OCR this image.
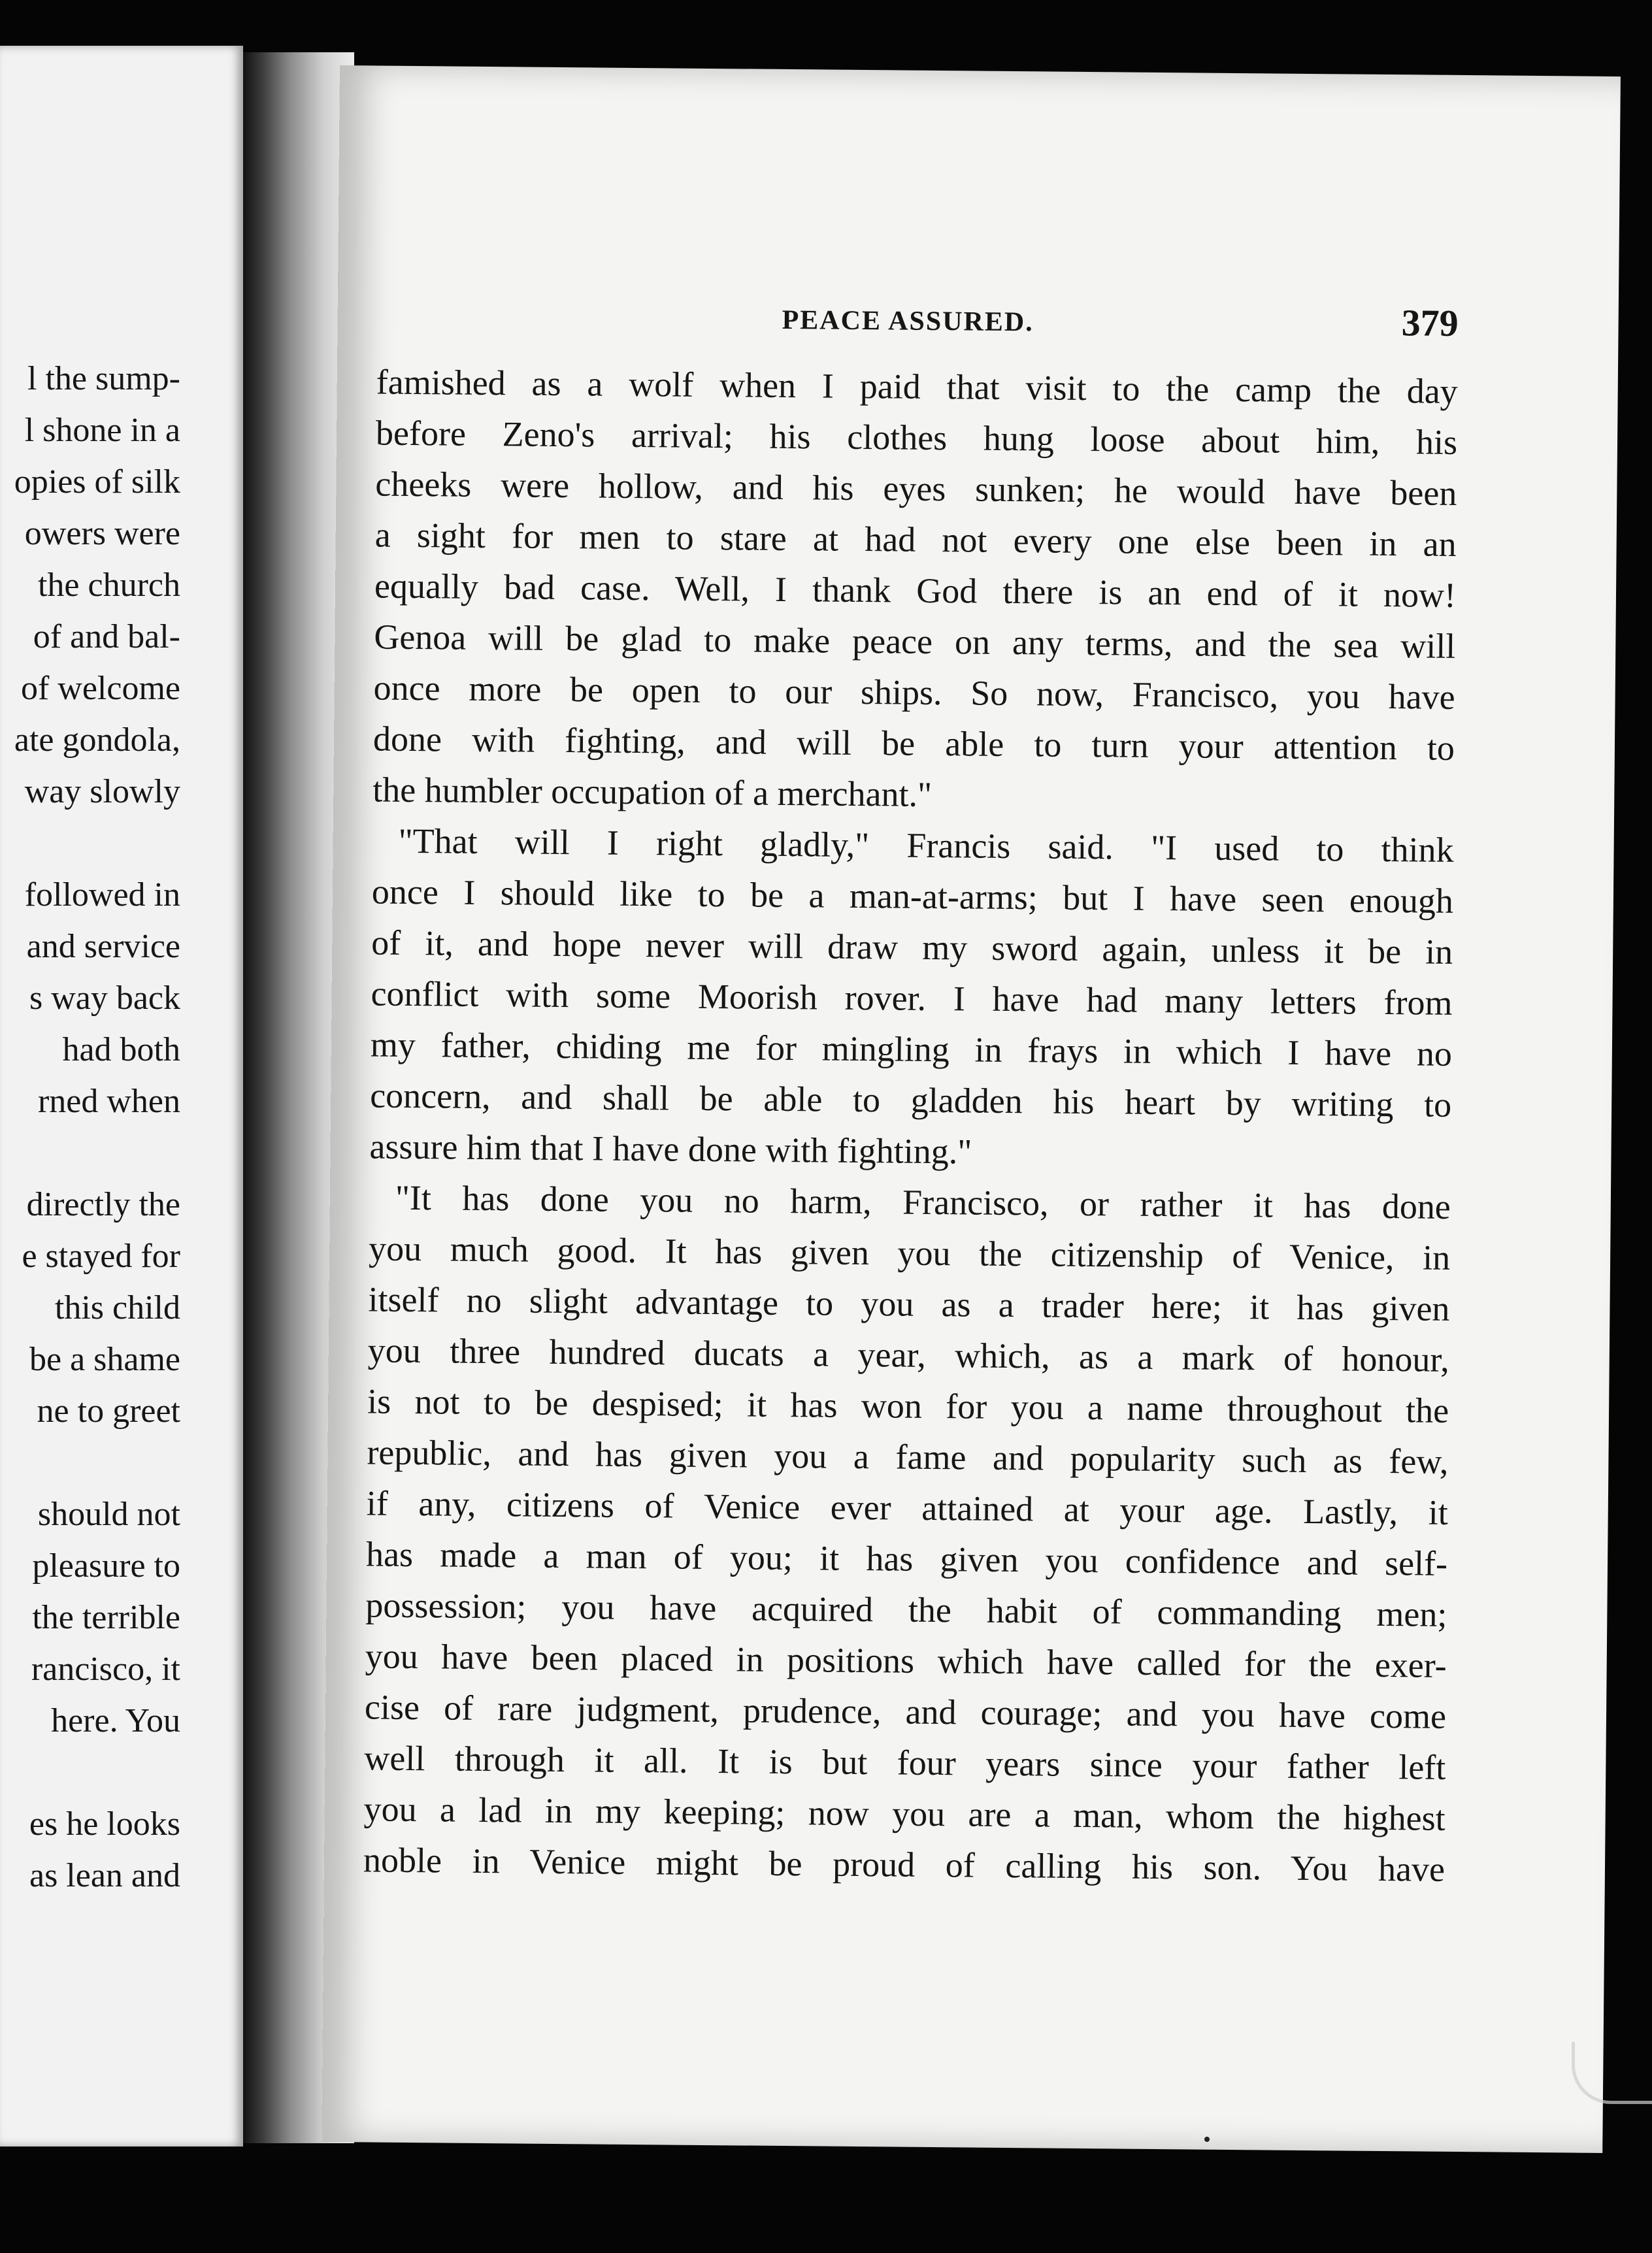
l the sump-
l shone in a
opies of silk
owers were
the church
of and bal-
of welcome
ate gondola,
way slowly
followed in
and service
s way back
had both
rned when
directly the
e stayed for
this child
be a shame
ne to greet
should not
pleasure to
the terrible
rancisco, it
here. You
es he looks
as lean and
PEACE ASSURED.	379
famished as a wolf when I paid that visit to the camp the day
before Zeno's arrival; his clothes hung loose about him, his
cheeks were hollow, and his eyes sunken; he would have been
a sight for men to stare at had not every one else been in an
equally bad case. Well, I thank God there is an end of it now!
Genoa will be glad to make peace on any terms, and the sea will
once more be open to our ships. So now, Francisco, you have
done with fighting, and will be able to turn your attention to
the humbler occupation of a merchant."
"That will I right gladly," Francis said. "I used to think
once I should like to be a man-at-arms; but I have seen enough
of it, and hope never will draw my sword again, unless it be in
conflict with some Moorish rover. I have had many letters from
my father, chiding me for mingling in frays in which I have no
concern, and shall be able to gladden his heart by writing to
assure him that I have done with fighting."
"It has done you no harm, Francisco, or rather it has done
you much good. It has given you the citizenship of Venice, in
itself no slight advantage to you as a trader here; it has given
you three hundred ducats a year, which, as a mark of honour,
is not to be despised; it has won for you a name throughout the
republic, and has given you a fame and popularity such as few,
if any, citizens of Venice ever attained at your age. Lastly, it
has made a man of you; it has given you confidence and self-
possession; you have acquired the habit of commanding men;
you have been placed in positions which have called for the exer-
cise of rare judgment, prudence, and courage; and you have come
well through it all. It is but four years since your father left
you a lad in my keeping; now you are a man, whom the highest
noble in Venice might be proud of calling his son. You have
